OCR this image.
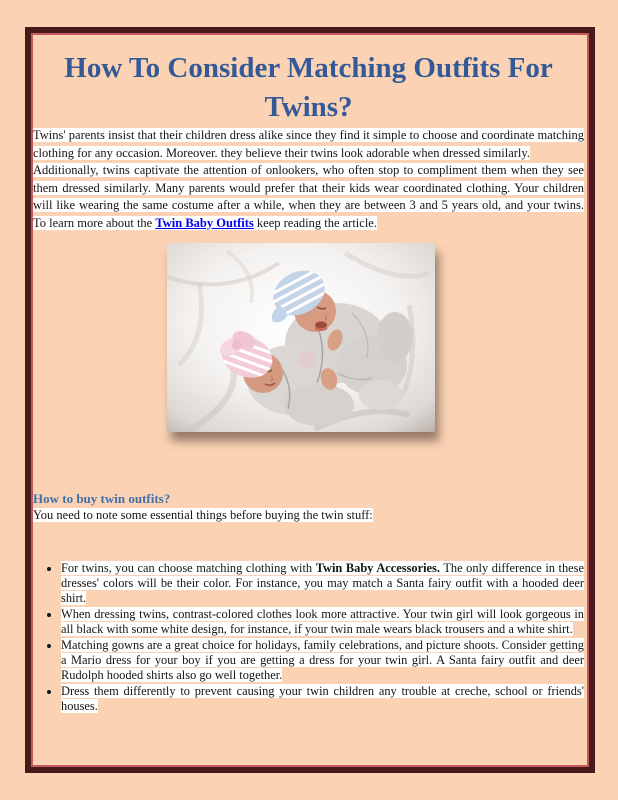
How To Consider Matching Outfits For Twins?

Twins' parents insist that their children dress alike since they find it simple to choose and coordinate matching clothing for any occasion. Moreover. they believe their twins look adorable when dressed similarly.

Additionally, twins captivate the attention of onlookers, who often stop to compliment them when they see them dressed similarly. Many parents would prefer that their kids wear coordinated clothing. Your children will like wearing the same costume after a while, when they are between 3 and 5 years old, and your twins. To learn more about the Twin Baby Outfits keep reading the article.

How to buy twin outfits?

You need to note some essential things before buying the twin stuff:

• For twins, you can choose matching clothing with Twin Baby Accessories. The only difference in these dresses' colors will be their color. For instance, you may match a Santa fairy outfit with a hooded deer shirt.
• When dressing twins, contrast-colored clothes look more attractive. Your twin girl will look gorgeous in all black with some white design, for instance, if your twin male wears black trousers and a white shirt.
• Matching gowns are a great choice for holidays, family celebrations, and picture shoots. Consider getting a Mario dress for your boy if you are getting a dress for your twin girl. A Santa fairy outfit and deer Rudolph hooded shirts also go well together.
• Dress them differently to prevent causing your twin children any trouble at creche, school or friends' houses.
